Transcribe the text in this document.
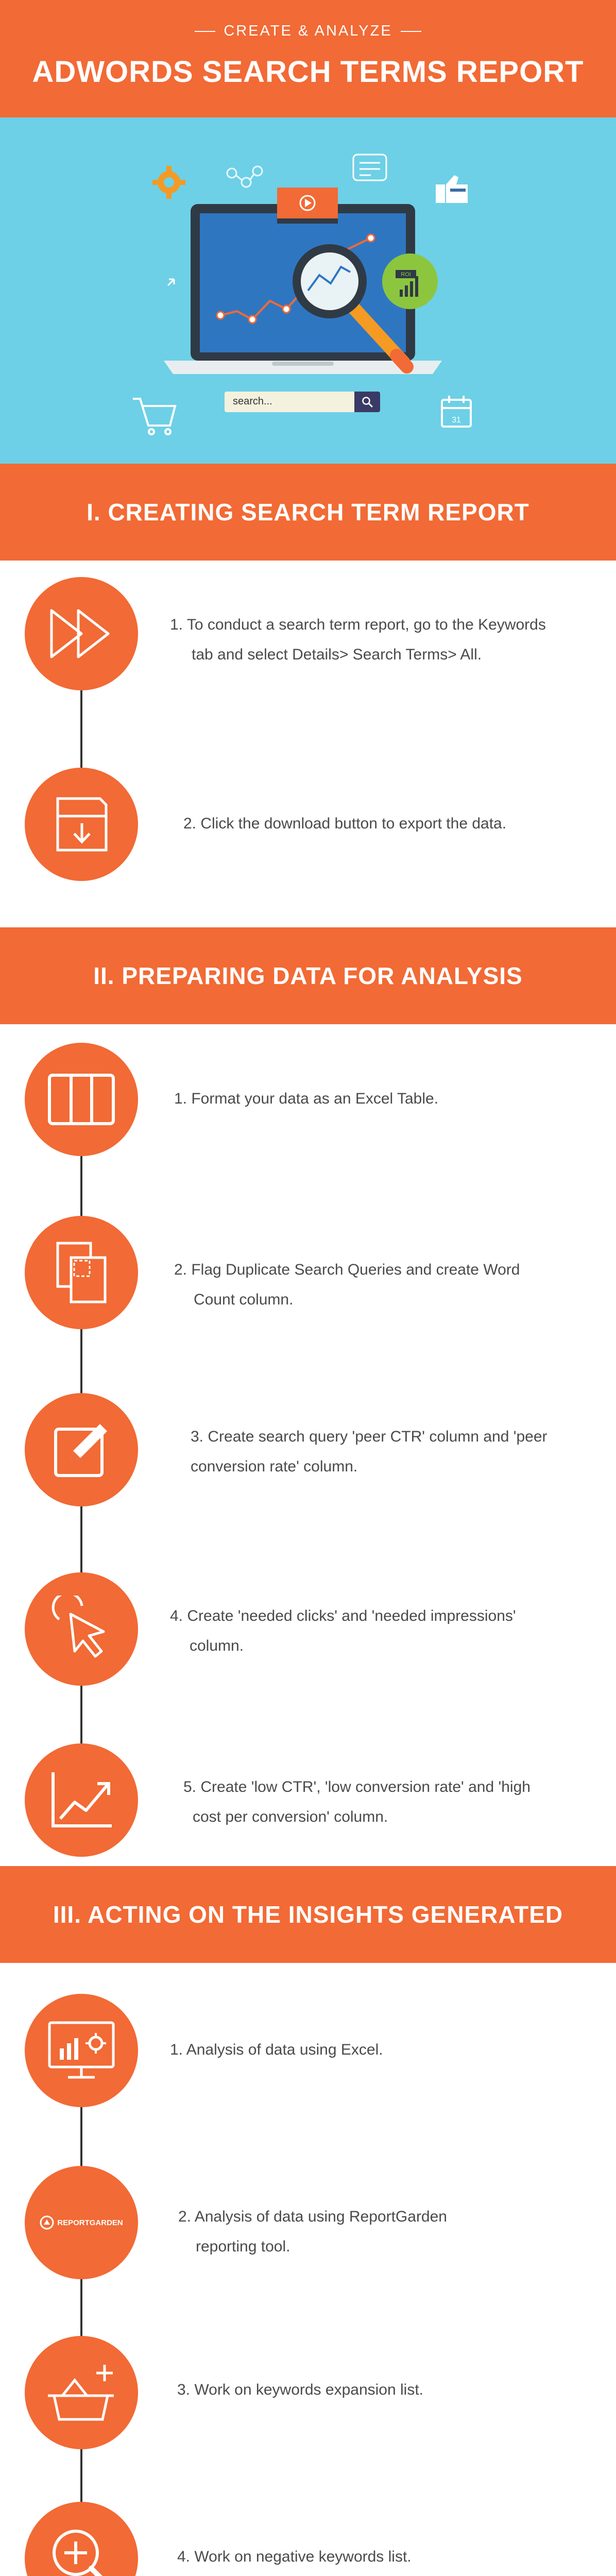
CREATE & ANALYZE
ADWORDS SEARCH TERMS REPORT
ROI
31
search...
I. CREATING SEARCH TERM REPORT
1. To conduct a search term report, go to the Keywords
tab and select Details> Search Terms> All.
2. Click the download button to export the data.
II. PREPARING DATA FOR ANALYSIS
1. Format your data as an Excel Table.
2. Flag Duplicate Search Queries and create Word
Count column.
3. Create search query 'peer CTR' column and 'peer
conversion rate' column.
4. Create 'needed clicks' and 'needed impressions'
column.
5. Create 'low CTR', 'low conversion rate' and 'high
cost per conversion' column.
III. ACTING ON THE INSIGHTS GENERATED
1. Analysis of data using Excel.
REPORTGARDEN	2. Analysis of data using ReportGarden
reporting tool.
3. Work on keywords expansion list.
4. Work on negative keywords list.
